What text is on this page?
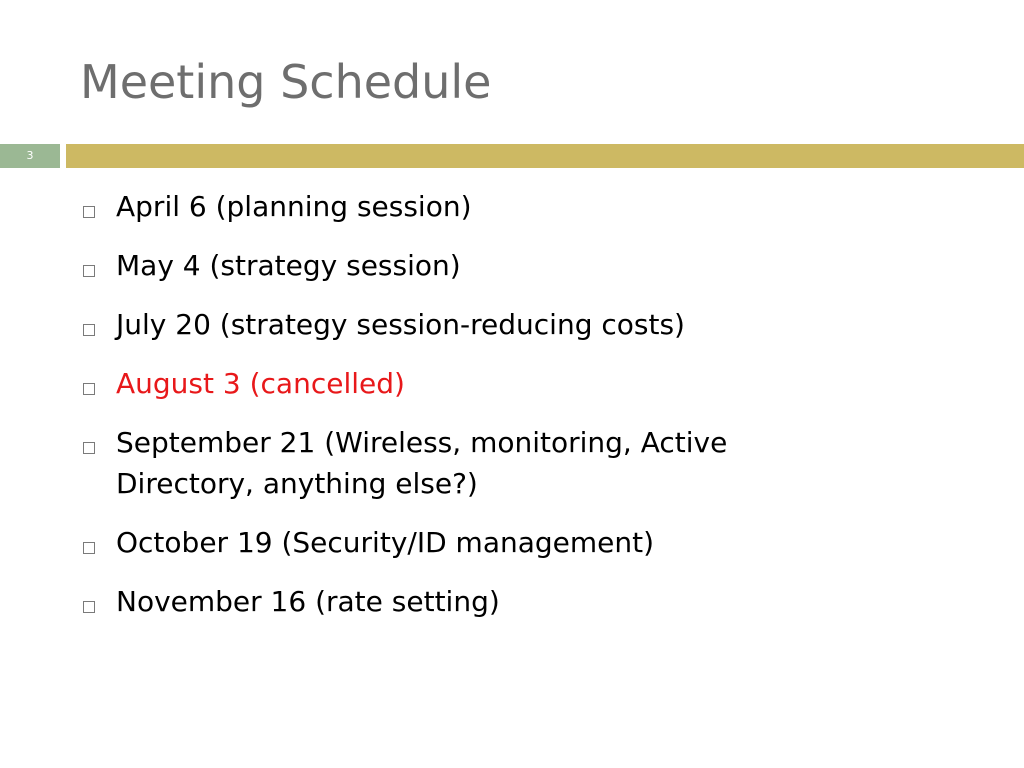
Meeting Schedule
3
April 6 (planning session)
May 4 (strategy session)
July 20 (strategy session-reducing costs)
August 3 (cancelled)
September 21 (Wireless, monitoring, Active Directory, anything else?)
October 19 (Security/ID management)
November 16 (rate setting)
